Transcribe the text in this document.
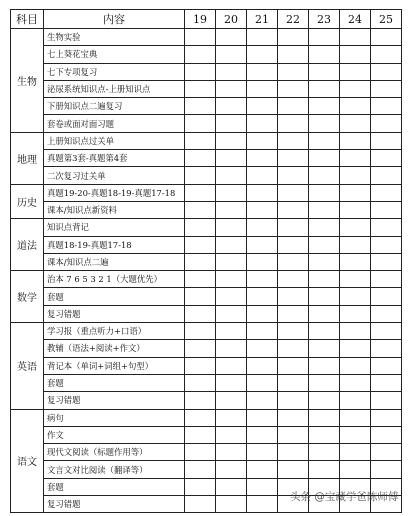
科目	内容	19	20	21	22	23	24	25
生物	生物实验							
	七上葵花宝典							
	七下专项复习							
	泌尿系统知识点-上册知识点							
	下册知识点二遍复习							
	套卷或面对面习题							
地理	上册知识点过关单							
	真题第3套-真题第4套							
	二次复习过关单							
历史	真题19-20-真题18-19-真题17-18							
	课本/知识点新资料							
道法	知识点背记							
	真题18-19-真题17-18							
	课本/知识点二遍							
数学	治本 7 6 5 3 2 1（大题优先）							
	套题							
	复习错题							
英语	学习报（重点听力+口语）							
	教辅（语法+阅读+作文）							
	背记本（单词+词组+句型）							
	套题							
	复习错题							
语文	病句							
	作文							
	现代文阅读（标题作用等）							
	文言文对比阅读（翻译等）							
	套题							
	复习错题							
头条 @宝藏学爸陈师傅
